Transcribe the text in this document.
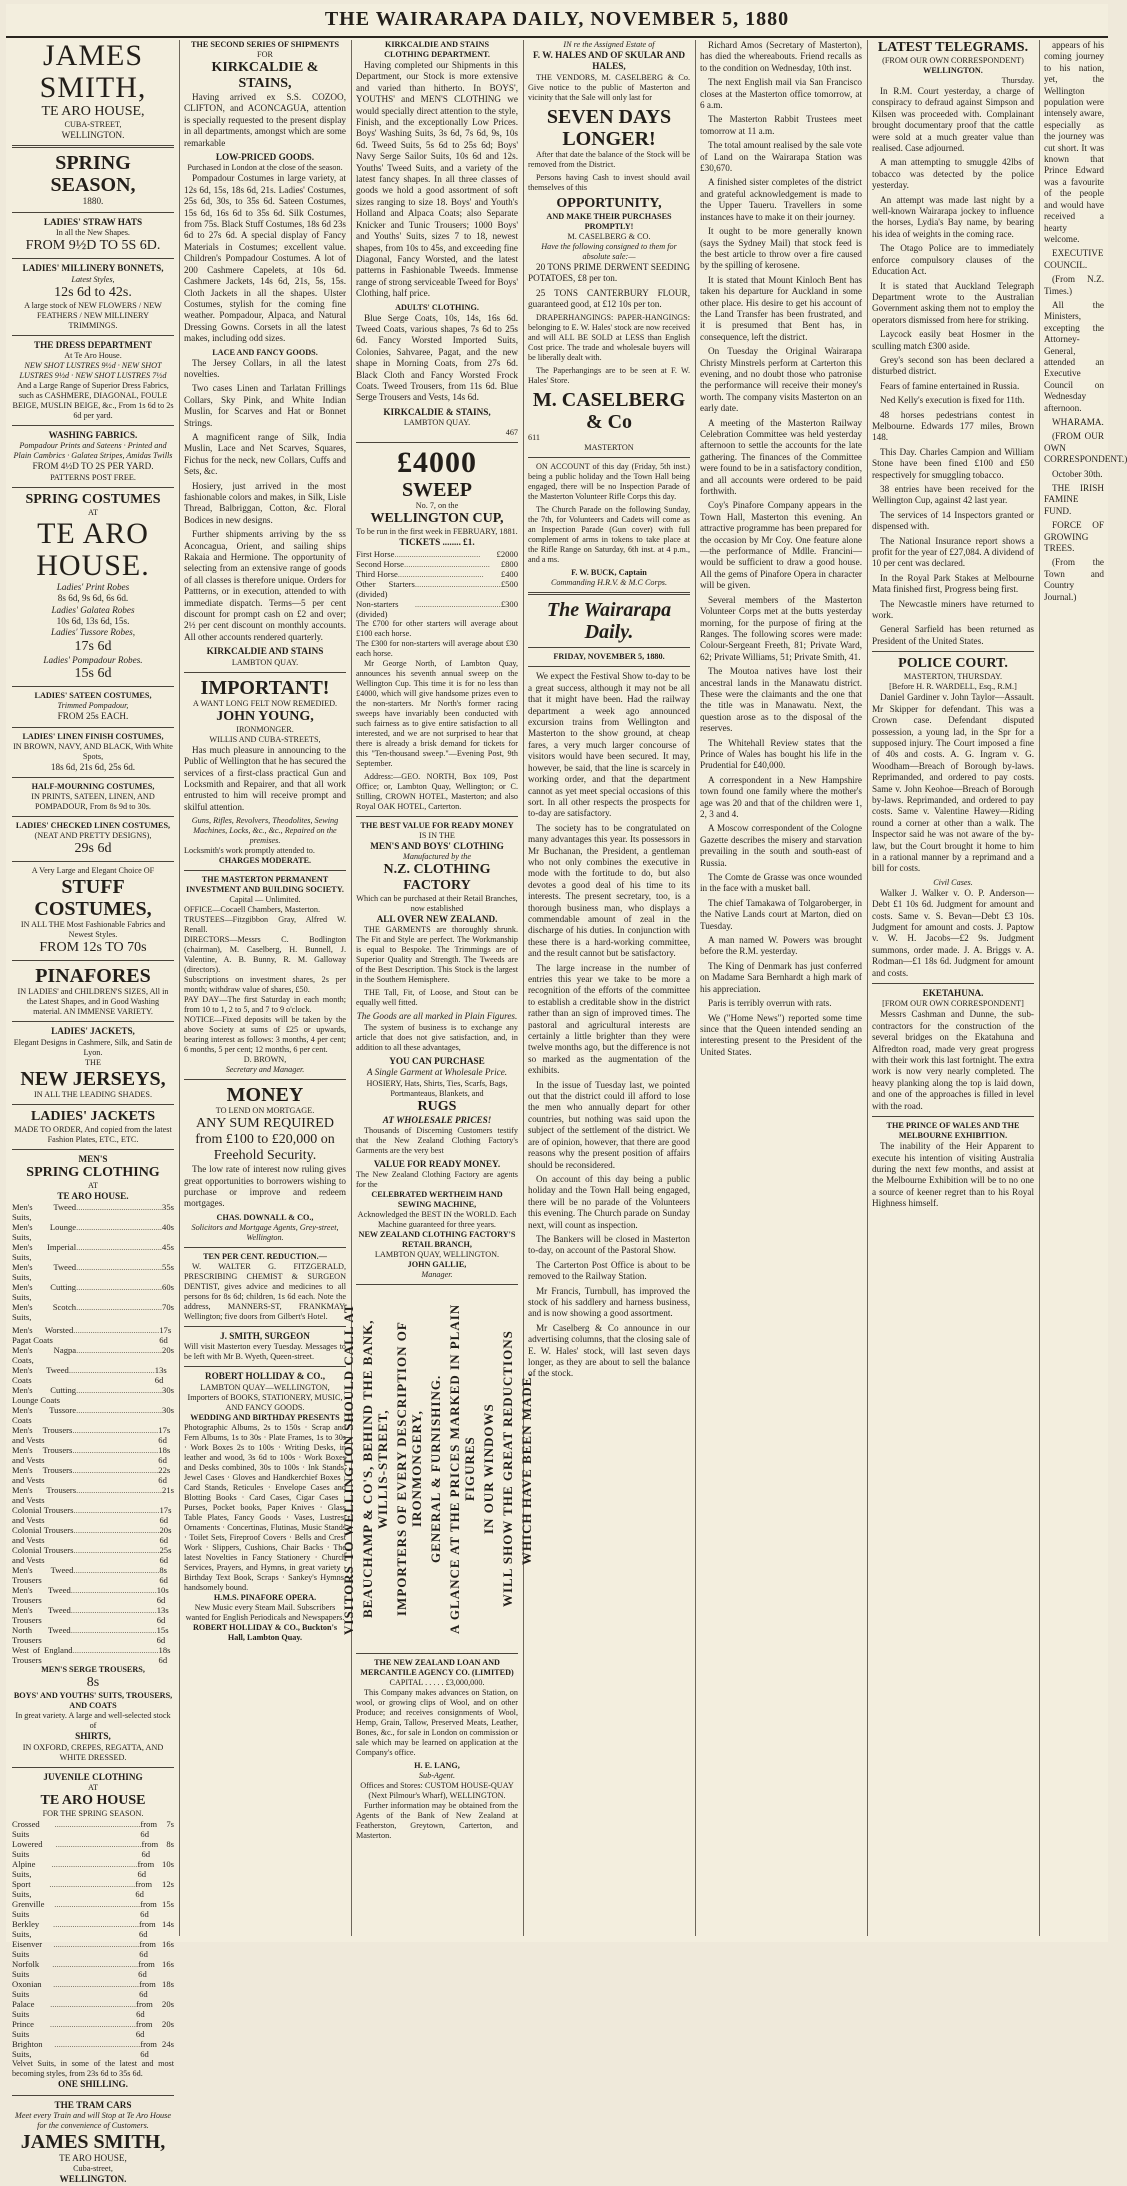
THE WAIRARAPA DAILY, NOVEMBER 5, 1880
JAMES SMITH,
TE ARO HOUSE,
CUBA-STREET,
WELLINGTON.
SPRING SEASON,
1880.
LADIES' STRAW HATS
In all the New Shapes.
FROM 9½D TO 5S 6D.
LADIES' MILLINERY BONNETS,
Latest Styles,
12s 6d to 42s.
A large stock of NEW FLOWERS / NEW FEATHERS / NEW MILLINERY TRIMMINGS.
THE DRESS DEPARTMENT
At Te Aro House.
NEW SHOT LUSTRES 9½d · NEW SHOT LUSTRES 9½d · NEW SHOT LUSTRES 7½d
And a Large Range of Superior Dress Fabrics, such as CASHMERE, DIAGONAL, FOULE BEIGE, MUSLIN BEIGE, &c., From 1s 6d to 2s 6d per yard.
WASHING FABRICS.
Pompadour Prints and Sateens · Printed and Plain Cambrics · Galatea Stripes, Amidas Twills
FROM 4½D TO 2S PER YARD.
PATTERNS POST FREE.
SPRING COSTUMES
AT
TE ARO HOUSE.
Ladies' Print Robes
8s 6d, 9s 6d, 6s 6d.
Ladies' Galatea Robes
10s 6d, 13s 6d, 15s.
Ladies' Tussore Robes,
17s 6d
Ladies' Pompadour Robes.
15s 6d
LADIES' SATEEN COSTUMES,
Trimmed Pompadour,
FROM 25s EACH.
LADIES' LINEN FINISH COSTUMES,
IN BROWN, NAVY, AND BLACK, With White Spots,
18s 6d, 21s 6d, 25s 6d.
HALF-MOURNING COSTUMES,
IN PRINTS, SATEEN, LINEN, AND POMPADOUR, From 8s 9d to 30s.
LADIES' CHECKED LINEN COSTUMES,
(NEAT AND PRETTY DESIGNS),
29s 6d
A Very Large and Elegant Choice OF
STUFF COSTUMES,
IN ALL THE Most Fashionable Fabrics and Newest Styles.
FROM 12s TO 70s
PINAFORES
IN LADIES' and CHILDREN'S SIZES, All in the Latest Shapes, and in Good Washing material. AN IMMENSE VARIETY.
LADIES' JACKETS,
Elegant Designs in Cashmere, Silk, and Satin de Lyon.
THE
NEW JERSEYS,
IN ALL THE LEADING SHADES.
LADIES' JACKETS
MADE TO ORDER, And copied from the latest Fashion Plates, ETC., ETC.
MEN'S
SPRING CLOTHING
AT
TE ARO HOUSE.
Men's Tweed Suits,
........................................ 35s
Men's Lounge Suits,
........................................ 40s
Men's Imperial Suits,
........................................ 45s
Men's Tweed Suits,
........................................ 55s
Men's Cutting Suits,
........................................ 60s
Men's Scotch Suits,
........................................ 70s
Men's Worsted Pagat Coats
........................................ 17s 6d
Men's Nagpa Coats,
........................................ 20s
Men's Tweed Coats
........................................ 13s 6d
Men's Cutting Lounge Coats
........................................ 30s
Men's Tussore Coats
........................................ 30s
Men's Trousers and Vests
........................................ 17s 6d
Men's Trousers and Vests
........................................ 18s 6d
Men's Trousers and Vests
........................................ 22s 6d
Men's Trousers and Vests
........................................ 21s
Colonial Trousers and Vests
........................................ 17s 6d
Colonial Trousers and Vests
........................................ 20s 6d
Colonial Trousers and Vests
........................................ 25s 6d
Men's Tweed Trousers
........................................ 8s 6d
Men's Tweed Trousers
........................................ 10s 6d
Men's Tweed Trousers
........................................ 13s 6d
North Tweed Trousers
........................................ 15s 6d
West of England Trousers
........................................ 18s 6d
MEN'S SERGE TROUSERS,
8s
BOYS' AND YOUTHS' SUITS, TROUSERS, AND COATS
In great variety. A large and well-selected stock of
SHIRTS,
IN OXFORD, CREPES, REGATTA, AND WHITE DRESSED.
JUVENILE CLOTHING
AT
TE ARO HOUSE
FOR THE SPRING SEASON.
Crossed Suits
........................................ from 7s 6d
Lowered Suits
........................................ from 8s 6d
Alpine Suits,
........................................ from 10s 6d
Sport Suits,
........................................ from 12s 6d
Grenville Suits
........................................ from 15s 6d
Berkley Suits,
........................................ from 14s 6d
Eisenver Suits
........................................ from 16s 6d
Norfolk Suits
........................................ from 16s 6d
Oxonian Suits
........................................ from 18s 6d
Palace Suits
........................................ from 20s 6d
Prince Suits
........................................ from 20s 6d
Brighton Suits,
........................................ from 24s 6d
Velvet Suits, in some of the latest and most becoming styles, from 23s 6d to 35s 6d.
ONE SHILLING.
THE TRAM CARS
Meet every Train and will Stop at Te Aro House for the convenience of Customers.
JAMES SMITH,
TE ARO HOUSE,
Cuba-street,
WELLINGTON.
THE SECOND SERIES OF SHIPMENTS
FOR
KIRKCALDIE & STAINS,
Having arrived ex S.S. COZOO, CLIFTON, and ACONCAGUA, attention is specially requested to the present display in all departments, amongst which are some remarkable
LOW-PRICED GOODS.
Purchased in London at the close of the season.
Pompadour Costumes in large variety, at 12s 6d, 15s, 18s 6d, 21s. Ladies' Costumes, 25s 6d, 30s, to 35s 6d. Sateen Costumes, 15s 6d, 16s 6d to 35s 6d. Silk Costumes, from 75s. Black Stuff Costumes, 18s 6d 23s 6d to 27s 6d. A special display of Fancy Materials in Costumes; excellent value. Children's Pompadour Costumes. A lot of 200 Cashmere Capelets, at 10s 6d. Cashmere Jackets, 14s 6d, 21s, 5s, 15s. Cloth Jackets in all the shapes. Ulster Costumes, stylish for the coming fine weather. Pompadour, Alpaca, and Natural Dressing Gowns. Corsets in all the latest makes, including odd sizes.
LACE AND FANCY GOODS.
The Jersey Collars, in all the latest novelties.
Two cases Linen and Tarlatan Frillings Collars, Sky Pink, and White Indian Muslin, for Scarves and Hat or Bonnet Strings.
A magnificent range of Silk, India Muslin, Lace and Net Scarves, Squares, Fichus for the neck, new Collars, Cuffs and Sets, &c.
Hosiery, just arrived in the most fashionable colors and makes, in Silk, Lisle Thread, Balbriggan, Cotton, &c. Floral Bodices in new designs.
Further shipments arriving by the ss Aconcagua, Orient, and sailing ships Rakaia and Hermione. The opportunity of selecting from an extensive range of goods of all classes is therefore unique. Orders for Pattterns, or in execution, attended to with immediate dispatch. Terms—5 per cent discount for prompt cash on £2 and over; 2½ per cent discount on monthly accounts. All other accounts rendered quarterly.
KIRKCALDIE AND STAINS
LAMBTON QUAY.
IMPORTANT!
A WANT LONG FELT NOW REMEDIED.
JOHN YOUNG,
IRONMONGER.
WILLIS AND CUBA-STREETS,
Has much pleasure in announcing to the Public of Wellington that he has secured the services of a first-class practical Gun and Locksmith and Repairer, and that all work entrusted to him will receive prompt and skilful attention.
Guns, Rifles, Revolvers, Theodolites, Sewing Machines, Locks, &c., &c., Repaired on the premises.
Locksmith's work promptly attended to.
CHARGES MODERATE.
THE MASTERTON PERMANENT INVESTMENT AND BUILDING SOCIETY.
Capital — Unlimited.
OFFICE—Cocaell Chambers, Masterton.
TRUSTEES—Fitzgibbon Gray, Alfred W. Renall.
DIRECTORS—Messrs C. Bodlington (chairman), M. Caselberg, H. Bunnell, J. Valentine, A. B. Bunny, R. M. Galloway (directors).
Subscriptions on investment shares, 2s per month; withdraw value of shares, £50.
PAY DAY—The first Saturday in each month; from 10 to 1, 2 to 5, and 7 to 9 o'clock.
NOTICE—Fixed deposits will be taken by the above Society at sums of £25 or upwards, bearing interest as follows: 3 months, 4 per cent; 6 months, 5 per cent; 12 months, 6 per cent.
D. BROWN,
Secretary and Manager.
MONEY
TO LEND ON MORTGAGE.
ANY SUM REQUIRED from £100 to £20,000 on Freehold Security.
The low rate of interest now ruling gives great opportunities to borrowers wishing to purchase or improve and redeem mortgages.
CHAS. DOWNALL & CO.,
Solicitors and Mortgage Agents, Grey-street, Wellington.
TEN PER CENT. REDUCTION.—
W. WALTER G. FITZGERALD, PRESCRIBING CHEMIST & SURGEON DENTIST, gives advice and medicines to all persons for 8s 6d; children, 1s 6d each. Note the address, MANNERS-ST, FRANKMAY, Wellington; five doors from Gilbert's Hotel.
J. SMITH, SURGEON
Will visit Masterton every Tuesday. Messages to be left with Mr B. Wyeth, Queen-street.
ROBERT HOLLIDAY & CO.,
LAMBTON QUAY—WELLINGTON, Importers of BOOKS, STATIONERY, MUSIC, AND FANCY GOODS.
WEDDING AND BIRTHDAY PRESENTS
Photographic Albums, 2s to 150s · Scrap and Fern Albums, 1s to 30s · Plate Frames, 1s to 30s · Work Boxes 2s to 100s · Writing Desks, in leather and wood, 3s 6d to 100s · Work Boxes and Desks combined, 30s to 100s · Ink Stands, Jewel Cases · Gloves and Handkerchief Boxes · Card Stands, Reticules · Envelope Cases and Blotting Books · Card Cases, Cigar Cases · Purses, Pocket books, Paper Knives · Glass Table Plates, Fancy Goods · Vases, Lustres, Ornaments · Concertinas, Flutinas, Music Stands · Toilet Sets, Fireproof Covers · Bells and Crest Work · Slippers, Cushions, Chair Backs · The latest Novelties in Fancy Stationery · Church Services, Prayers, and Hymns, in great variety · Birthday Text Book, Scraps · Sankey's Hymns, handsomely bound.
H.M.S. PINAFORE OPERA.
New Music every Steam Mail. Subscribers wanted for English Periodicals and Newspapers.
ROBERT HOLLIDAY & CO., Buckton's Hall, Lambton Quay.
KIRKCALDIE AND STAINS
CLOTHING DEPARTMENT.
Having completed our Shipments in this Department, our Stock is more extensive and varied than hitherto. In BOYS', YOUTHS' and MEN'S CLOTHING we would specially direct attention to the style, Finish, and the exceptionally Low Prices. Boys' Washing Suits, 3s 6d, 7s 6d, 9s, 10s 6d. Tweed Suits, 5s 6d to 25s 6d; Boys' Navy Serge Sailor Suits, 10s 6d and 12s. Youths' Tweed Suits, and a variety of the latest fancy shapes. In all three classes of goods we hold a good assortment of soft sizes ranging to size 18. Boys' and Youth's Holland and Alpaca Coats; also Separate Knicker and Tunic Trousers; 1000 Boys' and Youths' Suits, sizes 7 to 18, newest shapes, from 10s to 45s, and exceeding fine Diagonal, Fancy Worsted, and the latest patterns in Fashionable Tweeds. Immense range of strong serviceable Tweed for Boys' Clothing, half price.
ADULTS' CLOTHING.
Blue Serge Coats, 10s, 14s, 16s 6d. Tweed Coats, various shapes, 7s 6d to 25s 6d. Fancy Worsted Imported Suits, Colonies, Sahvaree, Pagat, and the new shape in Morning Coats, from 27s 6d. Black Cloth and Fancy Worsted Frock Coats. Tweed Trousers, from 11s 6d. Blue Serge Trousers and Vests, 14s 6d.
KIRKCALDIE & STAINS,
LAMBTON QUAY.
467
£4000
SWEEP
No. 7, on the
WELLINGTON CUP,
To be run in the first week in FEBRUARY, 1881.
TICKETS ........ £1.
First Horse ........................................	£2000
Second Horse ........................................	£800
Third Horse ........................................	£400
Other Starters (divided)
........................................ £500
Non-starters (divided)
........................................ £300
The £700 for other starters will average about £100 each horse.
The £300 for non-starters will average about £30 each horse.
Mr George North, of Lambton Quay, announces his seventh annual sweep on the Wellington Cup. This time it is for no less than £4000, which will give handsome prizes even to the non-starters. Mr North's former racing sweeps have invariably been conducted with such fairness as to give entire satisfaction to all interested, and we are not surprised to hear that there is already a brisk demand for tickets for this "Ten-thousand sweep."—Evening Post, 9th September.
Address:—GEO. NORTH, Box 109, Post Office; or, Lambton Quay, Wellington; or C. Stilling, CROWN HOTEL, Masterton; and also Royal OAK HOTEL, Carterton.
THE BEST VALUE FOR READY MONEY
IS IN THE
MEN'S AND BOYS' CLOTHING
Manufactured by the
N.Z. CLOTHING FACTORY
Which can be purchased at their Retail Branches, now established
ALL OVER NEW ZEALAND.
THE GARMENTS are thoroughly shrunk. The Fit and Style are perfect. The Workmanship is equal to Bespoke. The Trimmings are of Superior Quality and Strength. The Tweeds are of the Best Description. This Stock is the largest in the Southern Hemisphere.
THE Tall, Fit, of Loose, and Stout can be equally well fitted.
The Goods are all marked in Plain Figures.
The system of business is to exchange any article that does not give satisfaction, and, in addition to all these advantages,
YOU CAN PURCHASE
A Single Garment at Wholesale Price.
HOSIERY, Hats, Shirts, Ties, Scarfs, Bags, Portmanteaus, Blankets, and
RUGS
AT WHOLESALE PRICES!
Thousands of Discerning Customers testify that the New Zealand Clothing Factory's Garments are the very best
VALUE FOR READY MONEY.
The New Zealand Clothing Factory are agents for the
CELEBRATED WERTHEIM HAND SEWING MACHINE,
Acknowledged the BEST IN the WORLD. Each Machine guaranteed for three years.
NEW ZEALAND CLOTHING FACTORY'S RETAIL BRANCH,
LAMBTON QUAY, WELLINGTON.
JOHN GALLIE,
Manager.
VISITORS TO WELLINGTON SHOULD CALL AT BEAUCHAMP & CO'S, BEHIND THE BANK, WILLIS-STREET, IMPORTERS OF EVERY DESCRIPTION OF IRONMONGERY, GENERAL & FURNISHING. A GLANCE AT THE PRICES MARKED IN PLAIN FIGURES IN OUR WINDOWS WILL SHOW THE GREAT REDUCTIONS WHICH HAVE BEEN MADE.
THE NEW ZEALAND LOAN AND MERCANTILE AGENCY CO. (LIMITED)
CAPITAL . . . . . £3,000,000.
This Company makes advances on Station, on wool, or growing clips of Wool, and on other Produce; and receives consignments of Wool, Hemp, Grain, Tallow, Preserved Meats, Leather, Bones, &c., for sale in London on commission or sale which may be learned on application at the Company's office.
H. E. LANG,
Sub-Agent.
Offices and Stores: CUSTOM HOUSE-QUAY (Next Pilmour's Wharf), WELLINGTON.
Further information may be obtained from the Agents of the Bank of New Zealand at Featherston, Greytown, Carterton, and Masterton.
IN re the Assigned Estate of
F. W. HALES AND OF SKULAR AND HALES,
THE VENDORS, M. CASELBERG & Co. Give notice to the public of Masterton and vicinity that the Sale will only last for
SEVEN DAYS LONGER!
After that date the balance of the Stock will be removed from the District.
Persons having Cash to invest should avail themselves of this
OPPORTUNITY,
AND MAKE THEIR PURCHASES PROMPTLY!
M. CASELBERG & CO.
Have the following consigned to them for absolute sale:—
20 TONS PRIME DERWENT SEEDING POTATOES, £8 per ton.
25 TONS CANTERBURY FLOUR, guaranteed good, at £12 10s per ton.
DRAPERHANGINGS: PAPER-HANGINGS: belonging to E. W. Hales' stock are now received and will ALL BE SOLD at LESS than English Cost price. The trade and wholesale buyers will be liberally dealt with.
The Paperhangings are to be seen at F. W. Hales' Store.
M. CASELBERG & Co
611
MASTERTON
ON ACCOUNT of this day (Friday, 5th inst.) being a public holiday and the Town Hall being engaged, there will be no Inspection Parade of the Masterton Volunteer Rifle Corps this day.
The Church Parade on the following Sunday, the 7th, for Volunteers and Cadets will come as an Inspection Parade (Gun cover) with full complement of arms in tokens to take place at the Rifle Range on Saturday, 6th inst. at 4 p.m., and a ms.
F. W. BUCK, Captain
Commanding H.R.V. & M.C Corps.
The Wairarapa Daily.
FRIDAY, NOVEMBER 5, 1880.
We expect the Festival Show to-day to be a great success, although it may not be all that it might have been. Had the railway department a week ago announced excursion trains from Wellington and Masterton to the show ground, at cheap fares, a very much larger concourse of visitors would have been secured. It may, however, be said, that the line is scarcely in working order, and that the department cannot as yet meet special occasions of this sort. In all other respects the prospects for to-day are satisfactory.
The society has to be congratulated on many advantages this year. Its possessors in Mr Buchanan, the President, a gentleman who not only combines the executive in mode with the fortitude to do, but also devotes a good deal of his time to its interests. The present secretary, too, is a thorough business man, who displays a commendable amount of zeal in the discharge of his duties. In conjunction with these there is a hard-working committee, and the result cannot but be satisfactory.
The large increase in the number of entries this year we take to be more a recognition of the efforts of the committee to establish a creditable show in the district rather than an sign of improved times. The pastoral and agricultural interests are certainly a little brighter than they were twelve months ago, but the difference is not so marked as the augmentation of the exhibits.
In the issue of Tuesday last, we pointed out that the district could ill afford to lose the men who annually depart for other countries, but nothing was said upon the subject of the settlement of the district. We are of opinion, however, that there are good reasons why the present position of affairs should be reconsidered.
On account of this day being a public holiday and the Town Hall being engaged, there will be no parade of the Volunteers this evening. The Church parade on Sunday next, will count as inspection.
The Bankers will be closed in Masterton to-day, on account of the Pastoral Show.
The Carterton Post Office is about to be removed to the Railway Station.
Mr Francis, Turnbull, has improved the stock of his saddlery and harness business, and is now showing a good assortment.
Mr Caselberg & Co announce in our advertising columns, that the closing sale of E. W. Hales' stock, will last seven days longer, as they are about to sell the balance of the stock.
Richard Amos (Secretary of Masterton), has died the whereabouts. Friend recalls as to the condition on Wednesday, 10th inst.
The next English mail via San Francisco closes at the Masterton office tomorrow, at 6 a.m.
The Masterton Rabbit Trustees meet tomorrow at 11 a.m.
The total amount realised by the sale vote of Land on the Wairarapa Station was £30,670.
A finished sister completes of the district and grateful acknowledgement is made to the Upper Taueru. Travellers in some instances have to make it on their journey.
It ought to be more generally known (says the Sydney Mail) that stock feed is the best article to throw over a fire caused by the spilling of kerosene.
It is stated that Mount Kinloch Bent has taken his departure for Auckland in some other place. His desire to get his account of the Land Transfer has been frustrated, and it is presumed that Bent has, in consequence, left the district.
On Tuesday the Original Wairarapa Christy Minstrels perform at Carterton this evening, and no doubt those who patronise the performance will receive their money's worth. The company visits Masterton on an early date.
A meeting of the Masterton Railway Celebration Committee was held yesterday afternoon to settle the accounts for the late gathering. The finances of the Committee were found to be in a satisfactory condition, and all accounts were ordered to be paid forthwith.
Coy's Pinafore Company appears in the Town Hall, Masterton this evening. An attractive programme has been prepared for the occasion by Mr Coy. One feature alone—the performance of Mdlle. Francini—would be sufficient to draw a good house. All the gems of Pinafore Opera in character will be given.
Several members of the Masterton Volunteer Corps met at the butts yesterday morning, for the purpose of firing at the Ranges. The following scores were made: Colour-Sergeant Freeth, 81; Private Ward, 62; Private Williams, 51; Private Smith, 41.
The Moutoa natives have lost their ancestral lands in the Manawatu district. These were the claimants and the one that the title was in Manawatu. Next, the question arose as to the disposal of the reserves.
The Whitehall Review states that the Prince of Wales has bought his life in the Prudential for £40,000.
A correspondent in a New Hampshire town found one family where the mother's age was 20 and that of the children were 1, 2, 3 and 4.
A Moscow correspondent of the Cologne Gazette describes the misery and starvation prevailing in the south and south-east of Russia.
The Comte de Grasse was once wounded in the face with a musket ball.
The chief Tamakawa of Tolgaroberger, in the Native Lands court at Marton, died on Tuesday.
A man named W. Powers was brought before the R.M. yesterday.
The King of Denmark has just conferred on Madame Sara Bernhardt a high mark of his appreciation.
Paris is terribly overrun with rats.
We ("Home News") reported some time since that the Queen intended sending an interesting present to the President of the United States.
LATEST TELEGRAMS.
(FROM OUR OWN CORRESPONDENT)
WELLINGTON.
Thursday.
In R.M. Court yesterday, a charge of conspiracy to defraud against Simpson and Kilsen was proceeded with. Complainant brought documentary proof that the cattle were sold at a much greater value than realised. Case adjourned.
A man attempting to smuggle 42lbs of tobacco was detected by the police yesterday.
An attempt was made last night by a well-known Wairarapa jockey to influence the horses, Lydia's Bay name, by bearing his idea of weights in the coming race.
The Otago Police are to immediately enforce compulsory clauses of the Education Act.
It is stated that Auckland Telegraph Department wrote to the Australian Government asking them not to employ the operators dismissed from here for striking.
Laycock easily beat Hosmer in the sculling match £300 aside.
Grey's second son has been declared a disturbed district.
Fears of famine entertained in Russia.
Ned Kelly's execution is fixed for 11th.
48 horses pedestrians contest in Melbourne. Edwards 177 miles, Brown 148.
This Day. Charles Campion and William Stone have been fined £100 and £50 respectively for smuggling tobacco.
38 entries have been received for the Wellington Cup, against 42 last year.
The services of 14 Inspectors granted or dispensed with.
The National Insurance report shows a profit for the year of £27,084. A dividend of 10 per cent was declared.
In the Royal Park Stakes at Melbourne Mata finished first, Progress being first.
The Newcastle miners have returned to work.
General Sarfield has been returned as President of the United States.
POLICE COURT.
MASTERTON, THURSDAY.
[Before H. R. WARDELL, Esq., R.M.]
Daniel Gardiner v. John Taylor—Assault. Mr Skipper for defendant. This was a Crown case. Defendant disputed possession, a young lad, in the Spr for a supposed injury. The Court imposed a fine of 40s and costs. A. G. Ingram v. G. Woodham—Breach of Borough by-laws. Reprimanded, and ordered to pay costs. Same v. John Keohoe—Breach of Borough by-laws. Reprimanded, and ordered to pay costs. Same v. Valentine Hawey—Riding round a corner at other than a walk. The Inspector said he was not aware of the by-law, but the Court brought it home to him in a rational manner by a reprimand and a bill for costs.
Civil Cases.
Walker J. Walker v. O. P. Anderson—Debt £1 10s 6d. Judgment for amount and costs. Same v. S. Bevan—Debt £3 10s. Judgment for amount and costs. J. Paptow v. W. H. Jacobs—£2 9s. Judgment summons, order made. J. A. Briggs v. A. Rodman—£1 18s 6d. Judgment for amount and costs.
EKETAHUNA.
[FROM OUR OWN CORRESPONDENT]
Messrs Cashman and Dunne, the sub-contractors for the construction of the several bridges on the Ekatahuna and Alfredton road, made very great progress with their work this last fortnight. The extra work is now very nearly completed. The heavy planking along the top is laid down, and one of the approaches is filled in level with the road.
THE PRINCE OF WALES AND THE MELBOURNE EXHIBITION.
The inability of the Heir Apparent to execute his intention of visiting Australia during the next few months, and assist at the Melbourne Exhibition will be to no one a source of keener regret than to his Royal Highness himself.
appears of his coming journey to his nation, yet, the Wellington population were intensely aware, especially as the journey was cut short. It was known that Prince Edward was a favourite of the people and would have received a hearty welcome.
EXECUTIVE COUNCIL.
(From N.Z. Times.)
All the Ministers, excepting the Attorney-General, attended an Executive Council on Wednesday afternoon.
WHARAMA.
(FROM OUR OWN CORRESPONDENT.)
October 30th.
THE IRISH FAMINE FUND.
FORCE OF GROWING TREES.
(From the Town and Country Journal.)
